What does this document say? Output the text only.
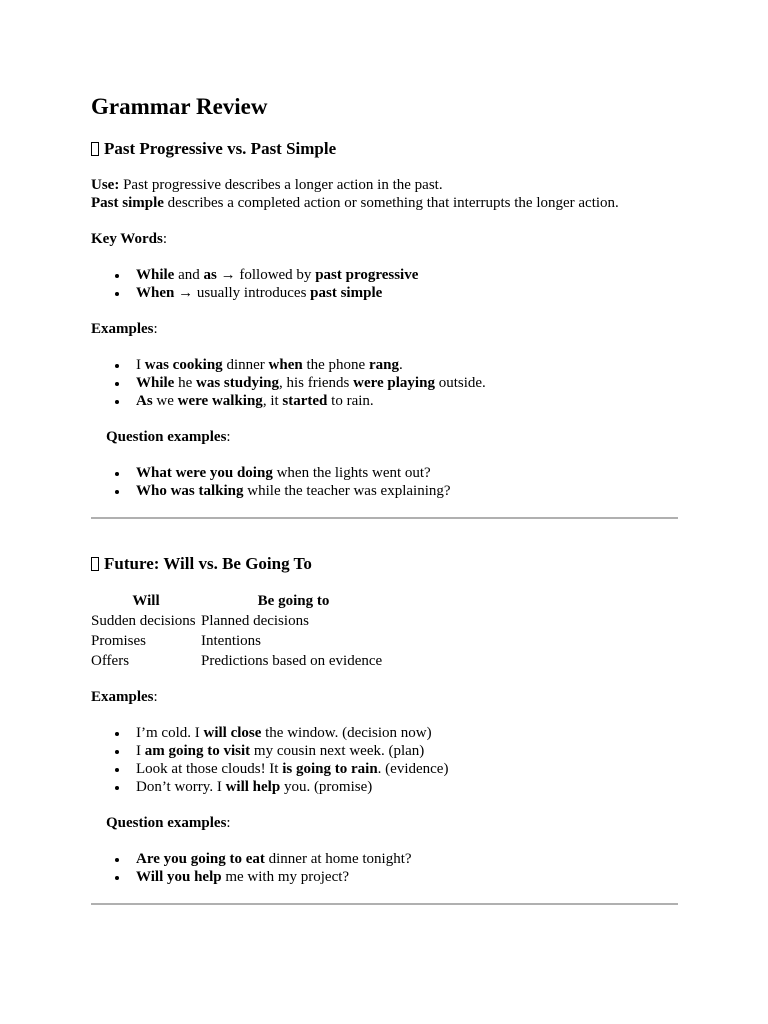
Grammar Review
Past Progressive vs. Past Simple

Use: Past progressive describes a longer action in the past.

Past simple describes a completed action or something that interrupts the longer action.

Key Words:

While and as → followed by past progressive
When → usually introduces past simple

Examples:

I was cooking dinner when the phone rang.
While he was studying, his friends were playing outside.
As we were walking, it started to rain.

Question examples:

What were you doing when the lights went out?
Who was talking while the teacher was explaining?
Future: Will vs. Be Going To
Will	Be going to
Sudden decisions	Planned decisions
Promises	Intentions
Offers	Predictions based on evidence

Examples:

I’m cold. I will close the window. (decision now)
I am going to visit my cousin next week. (plan)
Look at those clouds! It is going to rain. (evidence)
Don’t worry. I will help you. (promise)

Question examples:

Are you going to eat dinner at home tonight?
Will you help me with my project?
